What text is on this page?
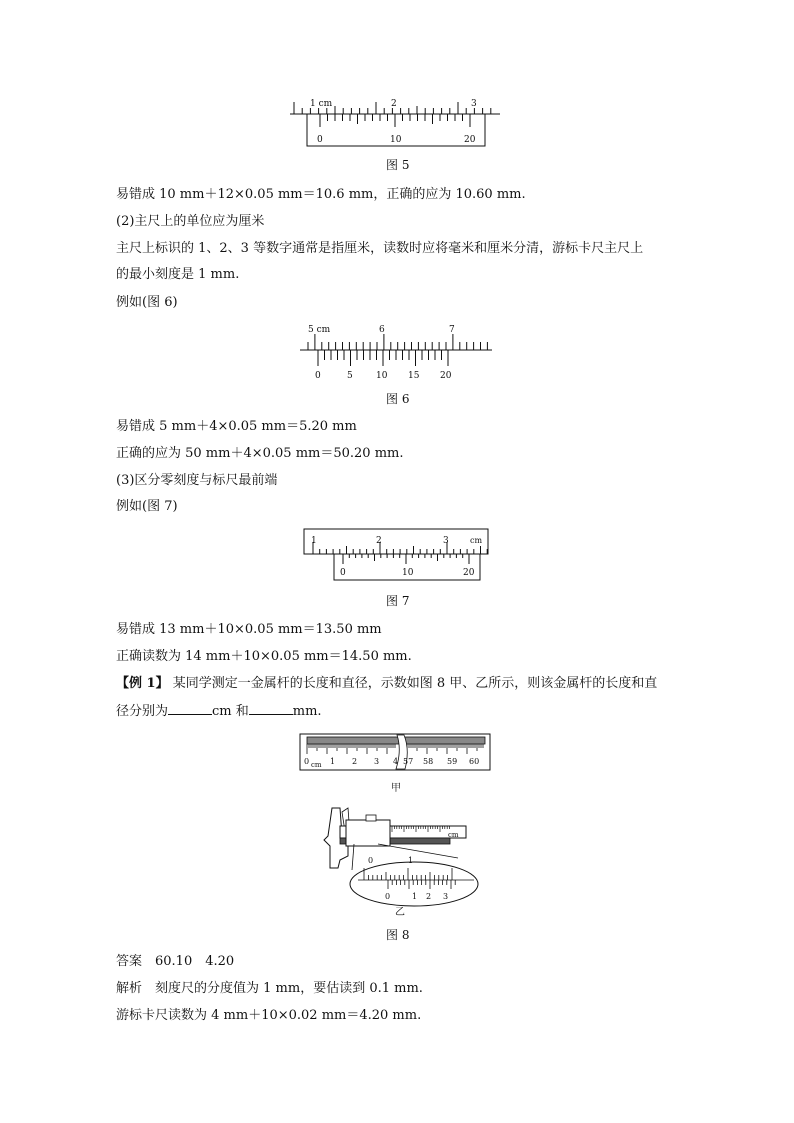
1 cm	2	3
0	10	20
图 5
易错成 10 mm＋12×0.05 mm＝10.6 mm，正确的应为 10.60 mm.
(2)主尺上的单位应为厘米
主尺上标识的 1、2、3 等数字通常是指厘米，读数时应将毫米和厘米分清，游标卡尺主尺上
的最小刻度是 1 mm.
例如(图 6)
5 cm	6	7
0	5	10 15 20
图 6
易错成 5 mm＋4×0.05 mm＝5.20 mm
正确的应为 50 mm＋4×0.05 mm＝50.20 mm.
(3)区分零刻度与标尺最前端
例如(图 7)
1	2	3	cm
0	10	20
图 7
易错成 13 mm＋10×0.05 mm＝13.50 mm
正确读数为 14 mm＋10×0.05 mm＝14.50 mm.
【例 1】 某同学测定一金属杆的长度和直径，示数如图 8 甲、乙所示，则该金属杆的长度和直
径分别为	cm 和	mm.
0 cm 1 2 3 4 57 58 59 60
甲
cm
0	1
0	1 2 3
乙
图 8
答案　60.10　4.20
解析　刻度尺的分度值为 1 mm，要估读到 0.1 mm.
游标卡尺读数为 4 mm＋10×0.02 mm＝4.20 mm.
